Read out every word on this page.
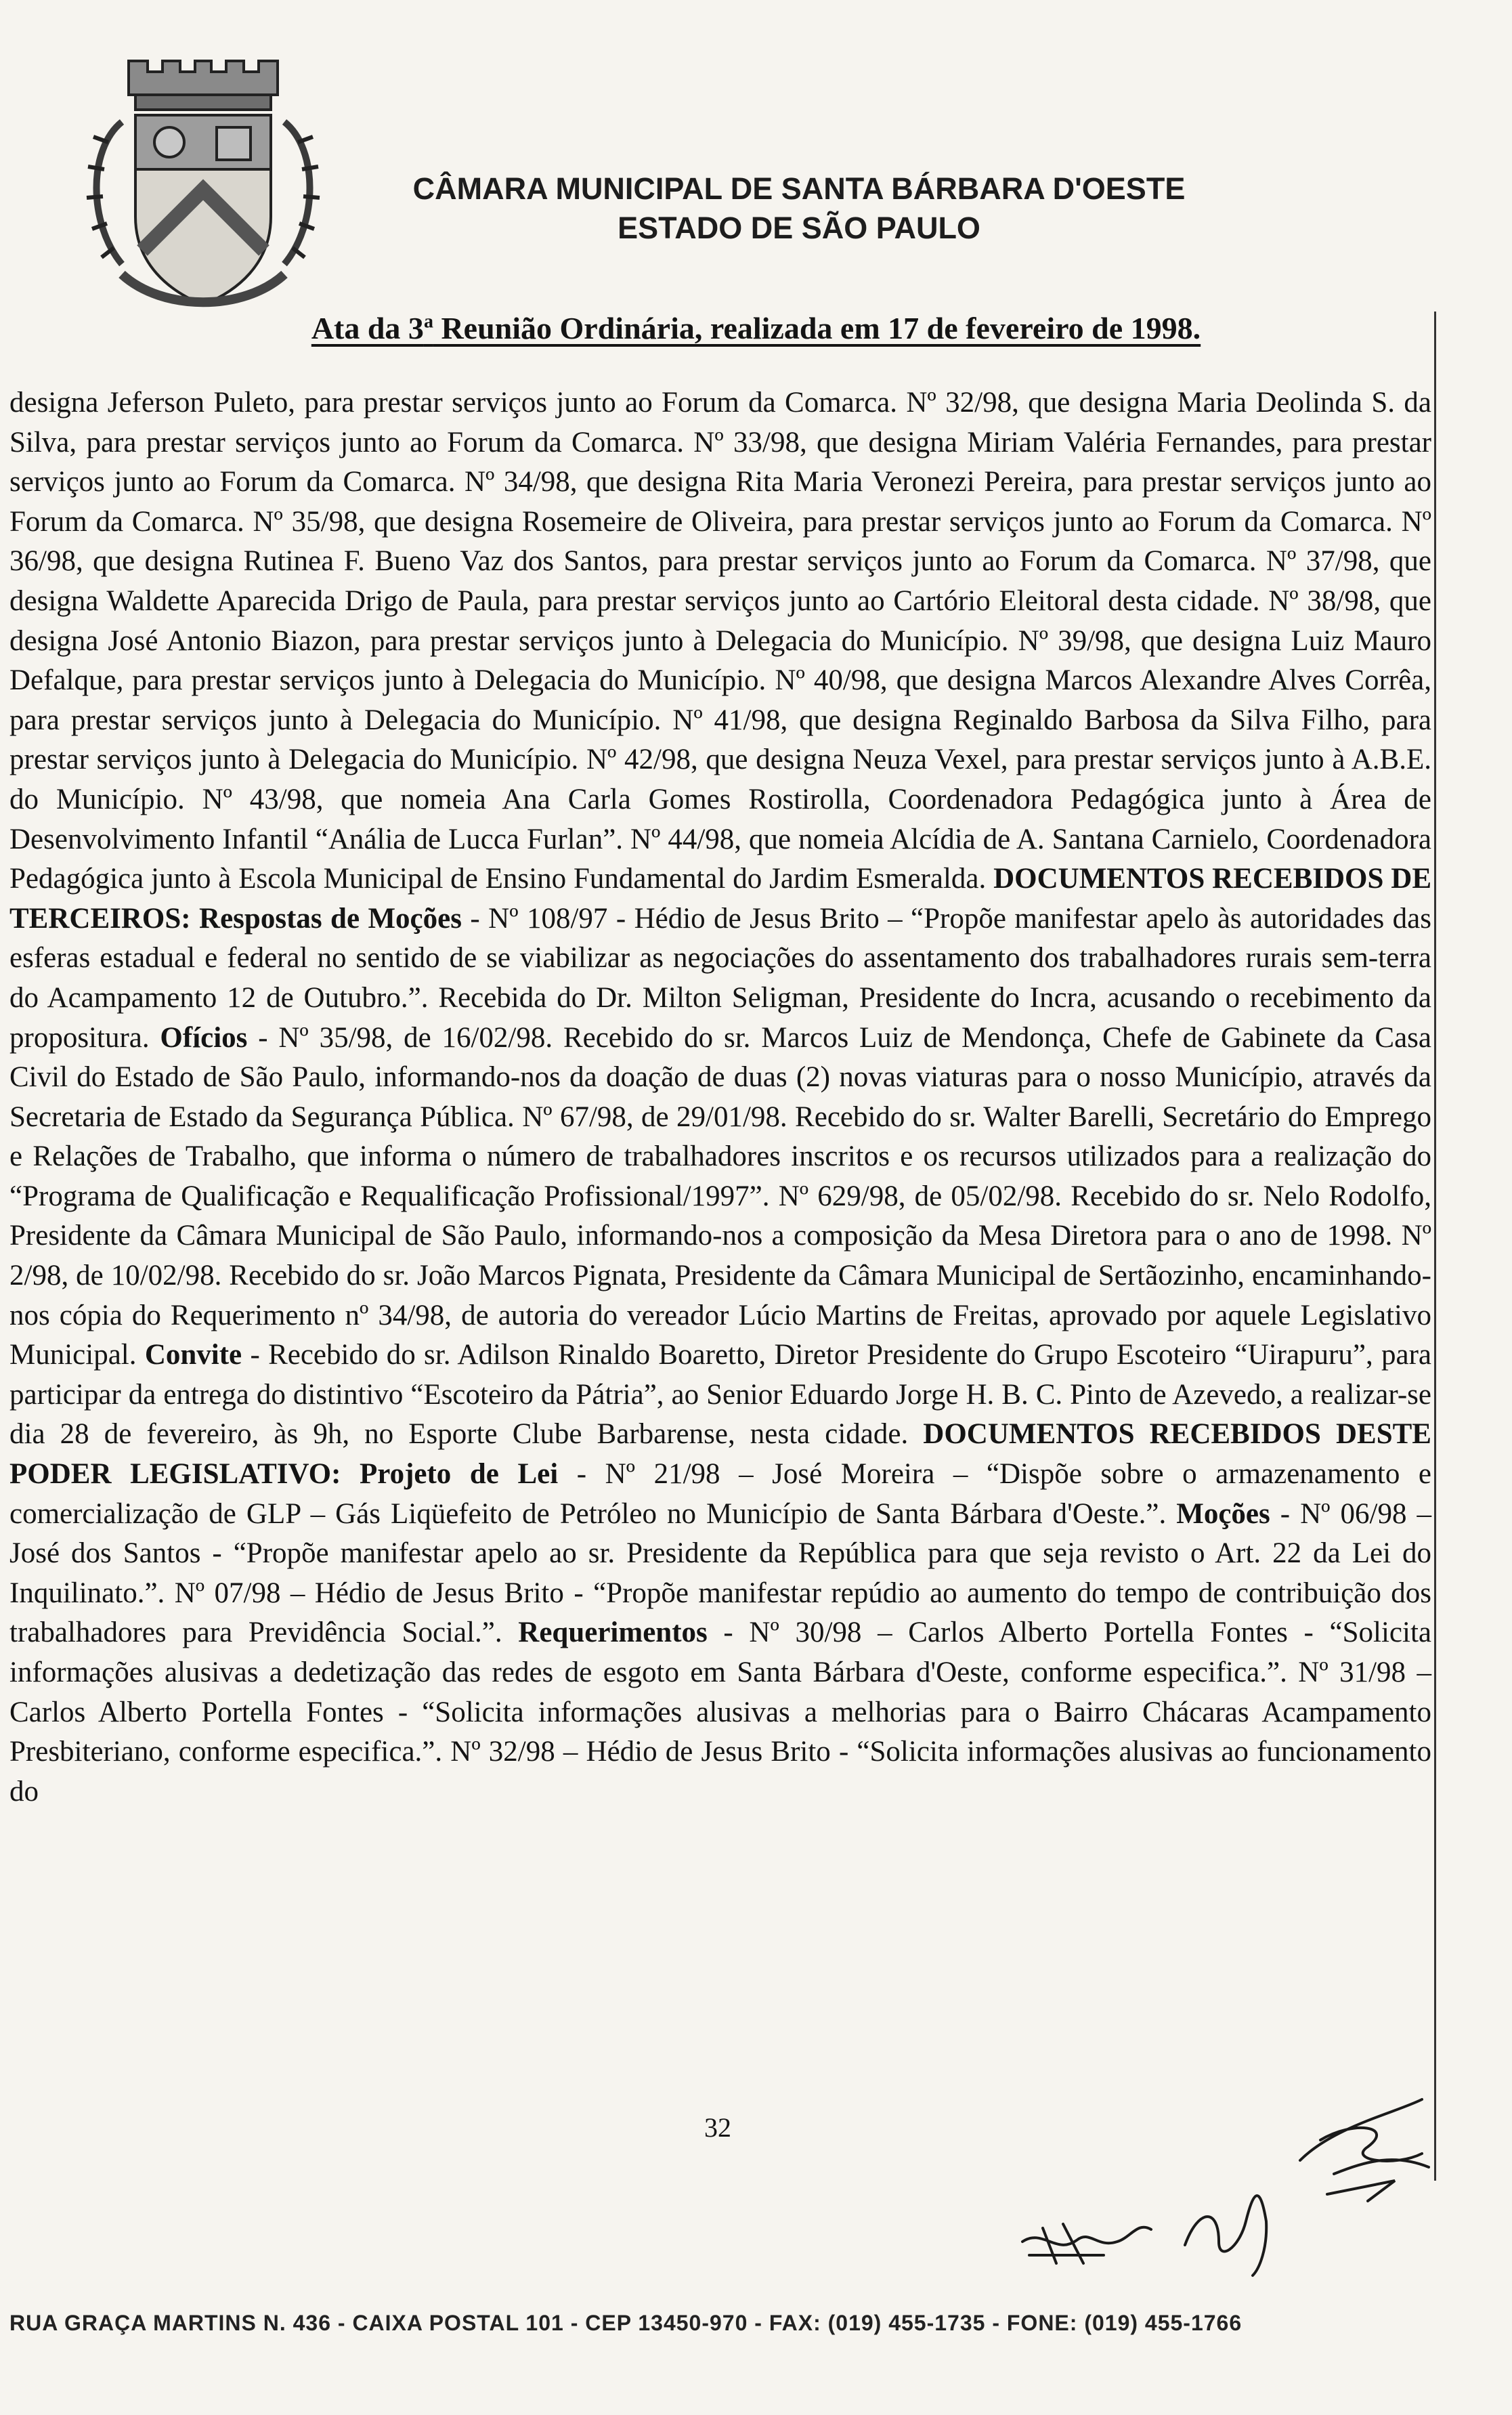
CÂMARA MUNICIPAL DE SANTA BÁRBARA D'OESTE
ESTADO DE SÃO PAULO
Ata da 3$^a$ Reunião Ordinária, realizada em 17 de fevereiro de 1998.

designa Jeferson Puleto, para prestar serviços junto ao Forum da Comarca. Nº 32/98, que designa Maria Deolinda S. da Silva, para prestar serviços junto ao Forum da Comarca. Nº 33/98, que designa Miriam Valéria Fernandes, para prestar serviços junto ao Forum da Comarca. Nº 34/98, que designa Rita Maria Veronezi Pereira, para prestar serviços junto ao Forum da Comarca. Nº 35/98, que designa Rosemeire de Oliveira, para prestar serviços junto ao Forum da Comarca. Nº 36/98, que designa Rutinea F. Bueno Vaz dos Santos, para prestar serviços junto ao Forum da Comarca. Nº 37/98, que designa Waldette Aparecida Drigo de Paula, para prestar serviços junto ao Cartório Eleitoral desta cidade. Nº 38/98, que designa José Antonio Biazon, para prestar serviços junto à Delegacia do Município. Nº 39/98, que designa Luiz Mauro Defalque, para prestar serviços junto à Delegacia do Município. Nº 40/98, que designa Marcos Alexandre Alves Corrêa, para prestar serviços junto à Delegacia do Município. Nº 41/98, que designa Reginaldo Barbosa da Silva Filho, para prestar serviços junto à Delegacia do Município. Nº 42/98, que designa Neuza Vexel, para prestar serviços junto à A.B.E. do Município. Nº 43/98, que nomeia Ana Carla Gomes Rostirolla, Coordenadora Pedagógica junto à Área de Desenvolvimento Infantil “Anália de Lucca Furlan”. Nº 44/98, que nomeia Alcídia de A. Santana Carnielo, Coordenadora Pedagógica junto à Escola Municipal de Ensino Fundamental do Jardim Esmeralda. DOCUMENTOS RECEBIDOS DE TERCEIROS: Respostas de Moções - Nº 108/97 - Hédio de Jesus Brito – “Propõe manifestar apelo às autoridades das esferas estadual e federal no sentido de se viabilizar as negociações do assentamento dos trabalhadores rurais sem-terra do Acampamento 12 de Outubro.”. Recebida do Dr. Milton Seligman, Presidente do Incra, acusando o recebimento da propositura. Ofícios - Nº 35/98, de 16/02/98. Recebido do sr. Marcos Luiz de Mendonça, Chefe de Gabinete da Casa Civil do Estado de São Paulo, informando-nos da doação de duas (2) novas viaturas para o nosso Município, através da Secretaria de Estado da Segurança Pública. Nº 67/98, de 29/01/98. Recebido do sr. Walter Barelli, Secretário do Emprego e Relações de Trabalho, que informa o número de trabalhadores inscritos e os recursos utilizados para a realização do “Programa de Qualificação e Requalificação Profissional/1997”. Nº 629/98, de 05/02/98. Recebido do sr. Nelo Rodolfo, Presidente da Câmara Municipal de São Paulo, informando-nos a composição da Mesa Diretora para o ano de 1998. Nº 2/98, de 10/02/98. Recebido do sr. João Marcos Pignata, Presidente da Câmara Municipal de Sertãozinho, encaminhando-nos cópia do Requerimento nº 34/98, de autoria do vereador Lúcio Martins de Freitas, aprovado por aquele Legislativo Municipal. Convite - Recebido do sr. Adilson Rinaldo Boaretto, Diretor Presidente do Grupo Escoteiro “Uirapuru”, para participar da entrega do distintivo “Escoteiro da Pátria”, ao Senior Eduardo Jorge H. B. C. Pinto de Azevedo, a realizar-se dia 28 de fevereiro, às 9h, no Esporte Clube Barbarense, nesta cidade. DOCUMENTOS RECEBIDOS DESTE PODER LEGISLATIVO: Projeto de Lei - Nº 21/98 – José Moreira – “Dispõe sobre o armazenamento e comercialização de GLP – Gás Liqüefeito de Petróleo no Município de Santa Bárbara d'Oeste.”. Moções - Nº 06/98 – José dos Santos - “Propõe manifestar apelo ao sr. Presidente da República para que seja revisto o Art. 22 da Lei do Inquilinato.”. Nº 07/98 – Hédio de Jesus Brito - “Propõe manifestar repúdio ao aumento do tempo de contribuição dos trabalhadores para Previdência Social.”. Requerimentos - Nº 30/98 – Carlos Alberto Portella Fontes - “Solicita informações alusivas a dedetização das redes de esgoto em Santa Bárbara d'Oeste, conforme especifica.”. Nº 31/98 – Carlos Alberto Portella Fontes - “Solicita informações alusivas a melhorias para o Bairro Chácaras Acampamento Presbiteriano, conforme especifica.”. Nº 32/98 – Hédio de Jesus Brito - “Solicita informações alusivas ao funcionamento do

32
RUA GRAÇA MARTINS N. 436 - CAIXA POSTAL 101 - CEP 13450-970 - FAX: (019) 455-1735 - FONE: (019) 455-1766
